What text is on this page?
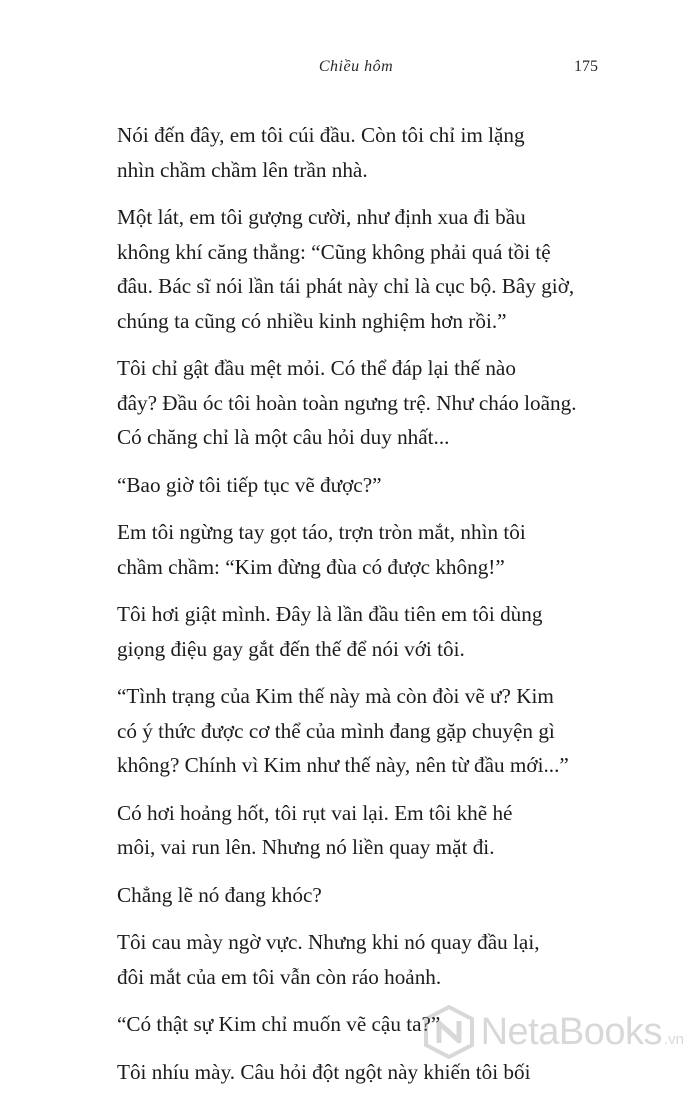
Chiều hôm	175

Nói đến đây, em tôi cúi đầu. Còn tôi chỉ im lặng
nhìn chầm chầm lên trần nhà.

Một lát, em tôi gượng cười, như định xua đi bầu
không khí căng thẳng: “Cũng không phải quá tồi tệ
đâu. Bác sĩ nói lần tái phát này chỉ là cục bộ. Bây giờ,
chúng ta cũng có nhiều kinh nghiệm hơn rồi.”

Tôi chỉ gật đầu mệt mỏi. Có thể đáp lại thế nào
đây? Đầu óc tôi hoàn toàn ngưng trệ. Như cháo loãng.
Có chăng chỉ là một câu hỏi duy nhất...

“Bao giờ tôi tiếp tục vẽ được?”

Em tôi ngừng tay gọt táo, trợn tròn mắt, nhìn tôi
chầm chầm: “Kim đừng đùa có được không!”

Tôi hơi giật mình. Đây là lần đầu tiên em tôi dùng
giọng điệu gay gắt đến thế để nói với tôi.

“Tình trạng của Kim thế này mà còn đòi vẽ ư? Kim
có ý thức được cơ thể của mình đang gặp chuyện gì
không? Chính vì Kim như thế này, nên từ đầu mới...”

Có hơi hoảng hốt, tôi rụt vai lại. Em tôi khẽ hé
môi, vai run lên. Nhưng nó liền quay mặt đi.

Chẳng lẽ nó đang khóc?

Tôi cau mày ngờ vực. Nhưng khi nó quay đầu lại,
đôi mắt của em tôi vẫn còn ráo hoảnh.

“Có thật sự Kim chỉ muốn vẽ cậu ta?”

Tôi nhíu mày. Câu hỏi đột ngột này khiến tôi bối

NetaBooks .vn
